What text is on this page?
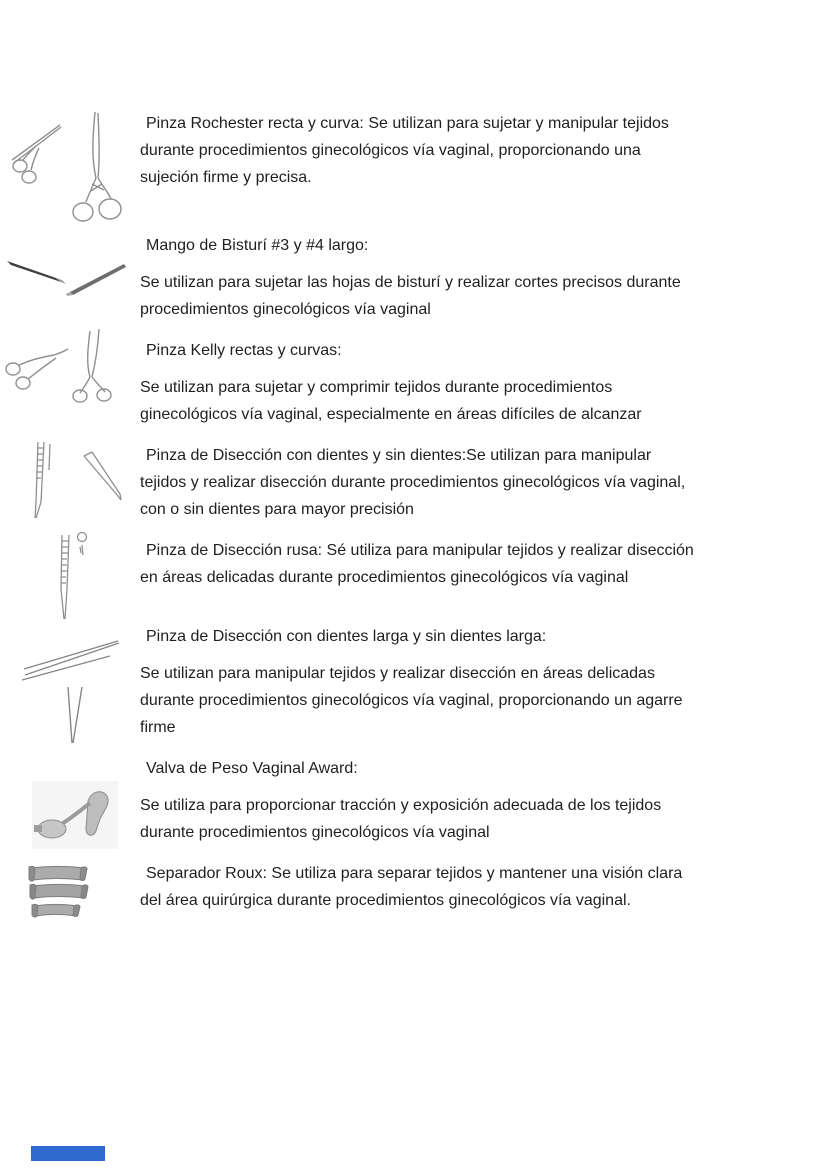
Pinza Rochester recta y curva: Se utilizan para sujetar y manipular tejidos durante procedimientos ginecológicos vía vaginal, proporcionando una sujeción firme y precisa.

Mango de Bisturí #3 y #4 largo:

Se utilizan para sujetar las hojas de bisturí y realizar cortes precisos durante procedimientos ginecológicos vía vaginal

Pinza Kelly rectas y curvas:

Se utilizan para sujetar y comprimir tejidos durante procedimientos ginecológicos vía vaginal, especialmente en áreas difíciles de alcanzar

Pinza de Disección con dientes y sin dientes:Se utilizan para manipular tejidos y realizar disección durante procedimientos ginecológicos vía vaginal, con o sin dientes para mayor precisión

Pinza de Disección rusa: Sé utiliza para manipular tejidos y realizar disección en áreas delicadas durante procedimientos ginecológicos vía vaginal

Pinza de Disección con dientes larga y sin dientes larga:

Se utilizan para manipular tejidos y realizar disección en áreas delicadas durante procedimientos ginecológicos vía vaginal, proporcionando un agarre firme

Valva de Peso Vaginal Award:

Se utiliza para proporcionar tracción y exposición adecuada de los tejidos durante procedimientos ginecológicos vía vaginal

Separador Roux: Se utiliza para separar tejidos y mantener una visión clara del área quirúrgica durante procedimientos ginecológicos vía vaginal.
